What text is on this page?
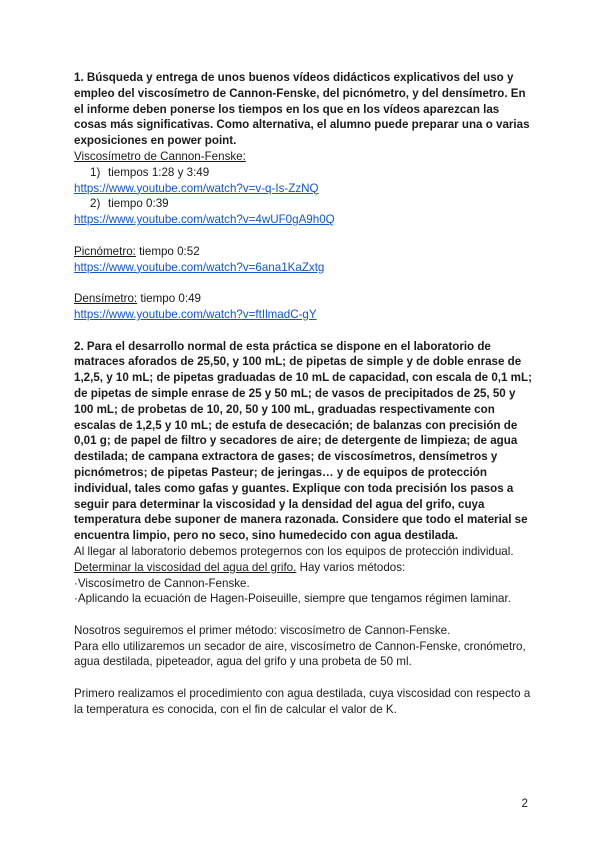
1. Búsqueda y entrega de unos buenos vídeos didácticos explicativos del uso y empleo del viscosímetro de Cannon-Fenske, del picnómetro, y del densímetro. En el informe deben ponerse los tiempos en los que en los vídeos aparezcan las cosas más significativas. Como alternativa, el alumno puede preparar una o varias exposiciones en power point.

Viscosímetro de Cannon-Fenske:
1) tiempos 1:28 y 3:49
https://www.youtube.com/watch?v=v-q-Is-ZzNQ
2) tiempo 0:39
https://www.youtube.com/watch?v=4wUF0gA9h0Q
Picnómetro: tiempo 0:52
https://www.youtube.com/watch?v=6ana1KaZxtg
Densímetro: tiempo 0:49
https://www.youtube.com/watch?v=ftIlmadC-gY

2. Para el desarrollo normal de esta práctica se dispone en el laboratorio de matraces aforados de 25,50, y 100 mL; de pipetas de simple y de doble enrase de 1,2,5, y 10 mL; de pipetas graduadas de 10 mL de capacidad, con escala de 0,1 mL; de pipetas de simple enrase de 25 y 50 mL; de vasos de precipitados de 25, 50 y 100 mL; de probetas de 10, 20, 50 y 100 mL, graduadas respectivamente con escalas de 1,2,5 y 10 mL; de estufa de desecación; de balanzas con precisión de 0,01 g; de papel de filtro y secadores de aire; de detergente de limpieza; de agua destilada; de campana extractora de gases; de viscosímetros, densímetros y picnómetros; de pipetas Pasteur; de jeringas… y de equipos de protección individual, tales como gafas y guantes. Explique con toda precisión los pasos a seguir para determinar la viscosidad y la densidad del agua del grifo, cuya temperatura debe suponer de manera razonada. Considere que todo el material se encuentra limpio, pero no seco, sino humedecido con agua destilada.

Al llegar al laboratorio debemos protegernos con los equipos de protección individual.

Determinar la viscosidad del agua del grifo. Hay varios métodos:

·Viscosímetro de Cannon-Fenske.

·Aplicando la ecuación de Hagen-Poiseuille, siempre que tengamos régimen laminar.

Nosotros seguiremos el primer método: viscosímetro de Cannon-Fenske.

Para ello utilizaremos un secador de aire, viscosímetro de Cannon-Fenske, cronómetro, agua destilada, pipeteador, agua del grifo y una probeta de 50 ml.

Primero realizamos el procedimiento con agua destilada, cuya viscosidad con respecto a la temperatura es conocida, con el fin de calcular el valor de K.

2
